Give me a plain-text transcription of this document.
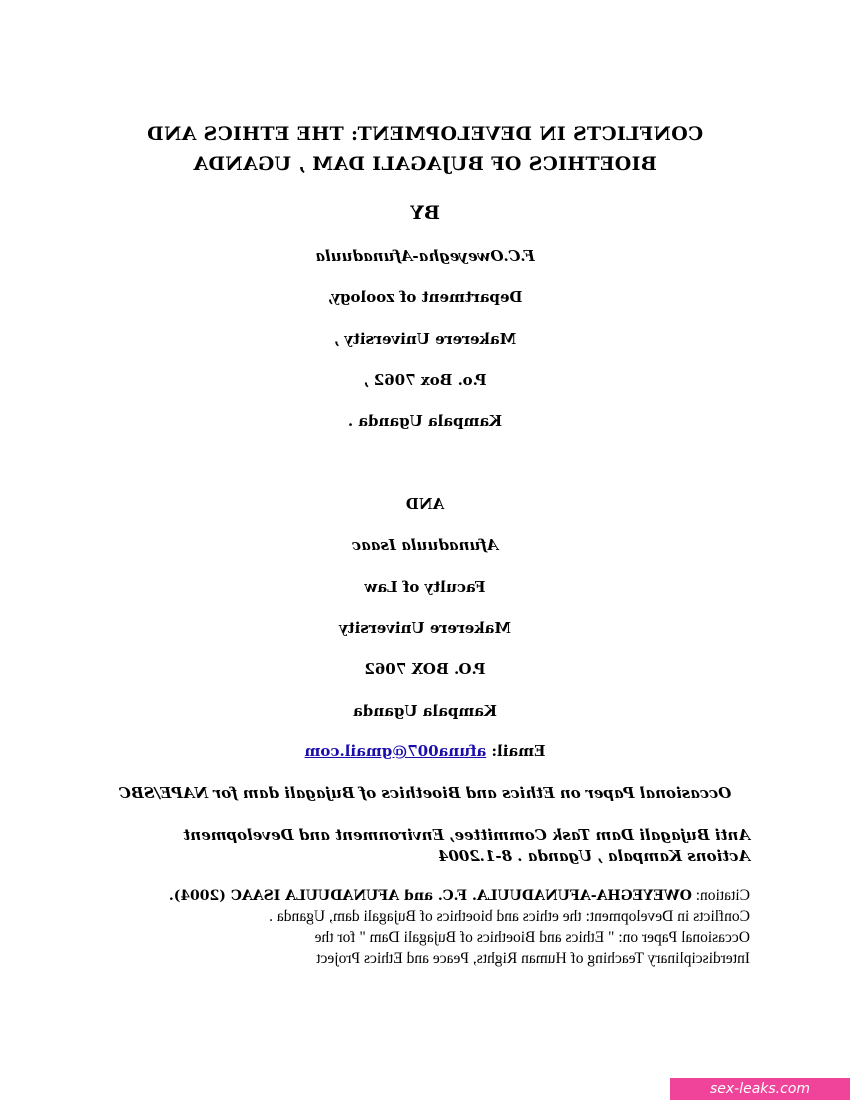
CONFLICTS IN DEVELOPMENT: THE ETHICS AND
BIOETHICS OF BUJAGALI DAM , UGANDA
BY
F.C.Oweyegha-Afunaduula
Department of zoology,
Makerere University ,
P.o. Box 7062 ,
Kampala Uganda .
AND
Afunaduula Isaac
Faculty of Law
Makerere University
P.O. BOX 7062
Kampala Uganda
Email: afuna007@gmail.com
Occasional Paper on Ethics and Bioethics of Bujagali dam for NAPE/SBC
Anti Bujagali Dam Task Committee, Environment and Development
Actions Kampala , Uganda . 8-1.2004
Citation: OWEYEGHA-AFUNADUULA. F.C. and AFUNADUULA ISAAC (2004).
Conflicts in Development: the ethics and bioethics of Bujagali dam, Uganda .
Occasional Paper on: " Ethics and Bioethics of Bujagali Dam " for the
Interdisciplinary Teaching of Human Rights, Peace and Ethics Project
sex-leaks.com
